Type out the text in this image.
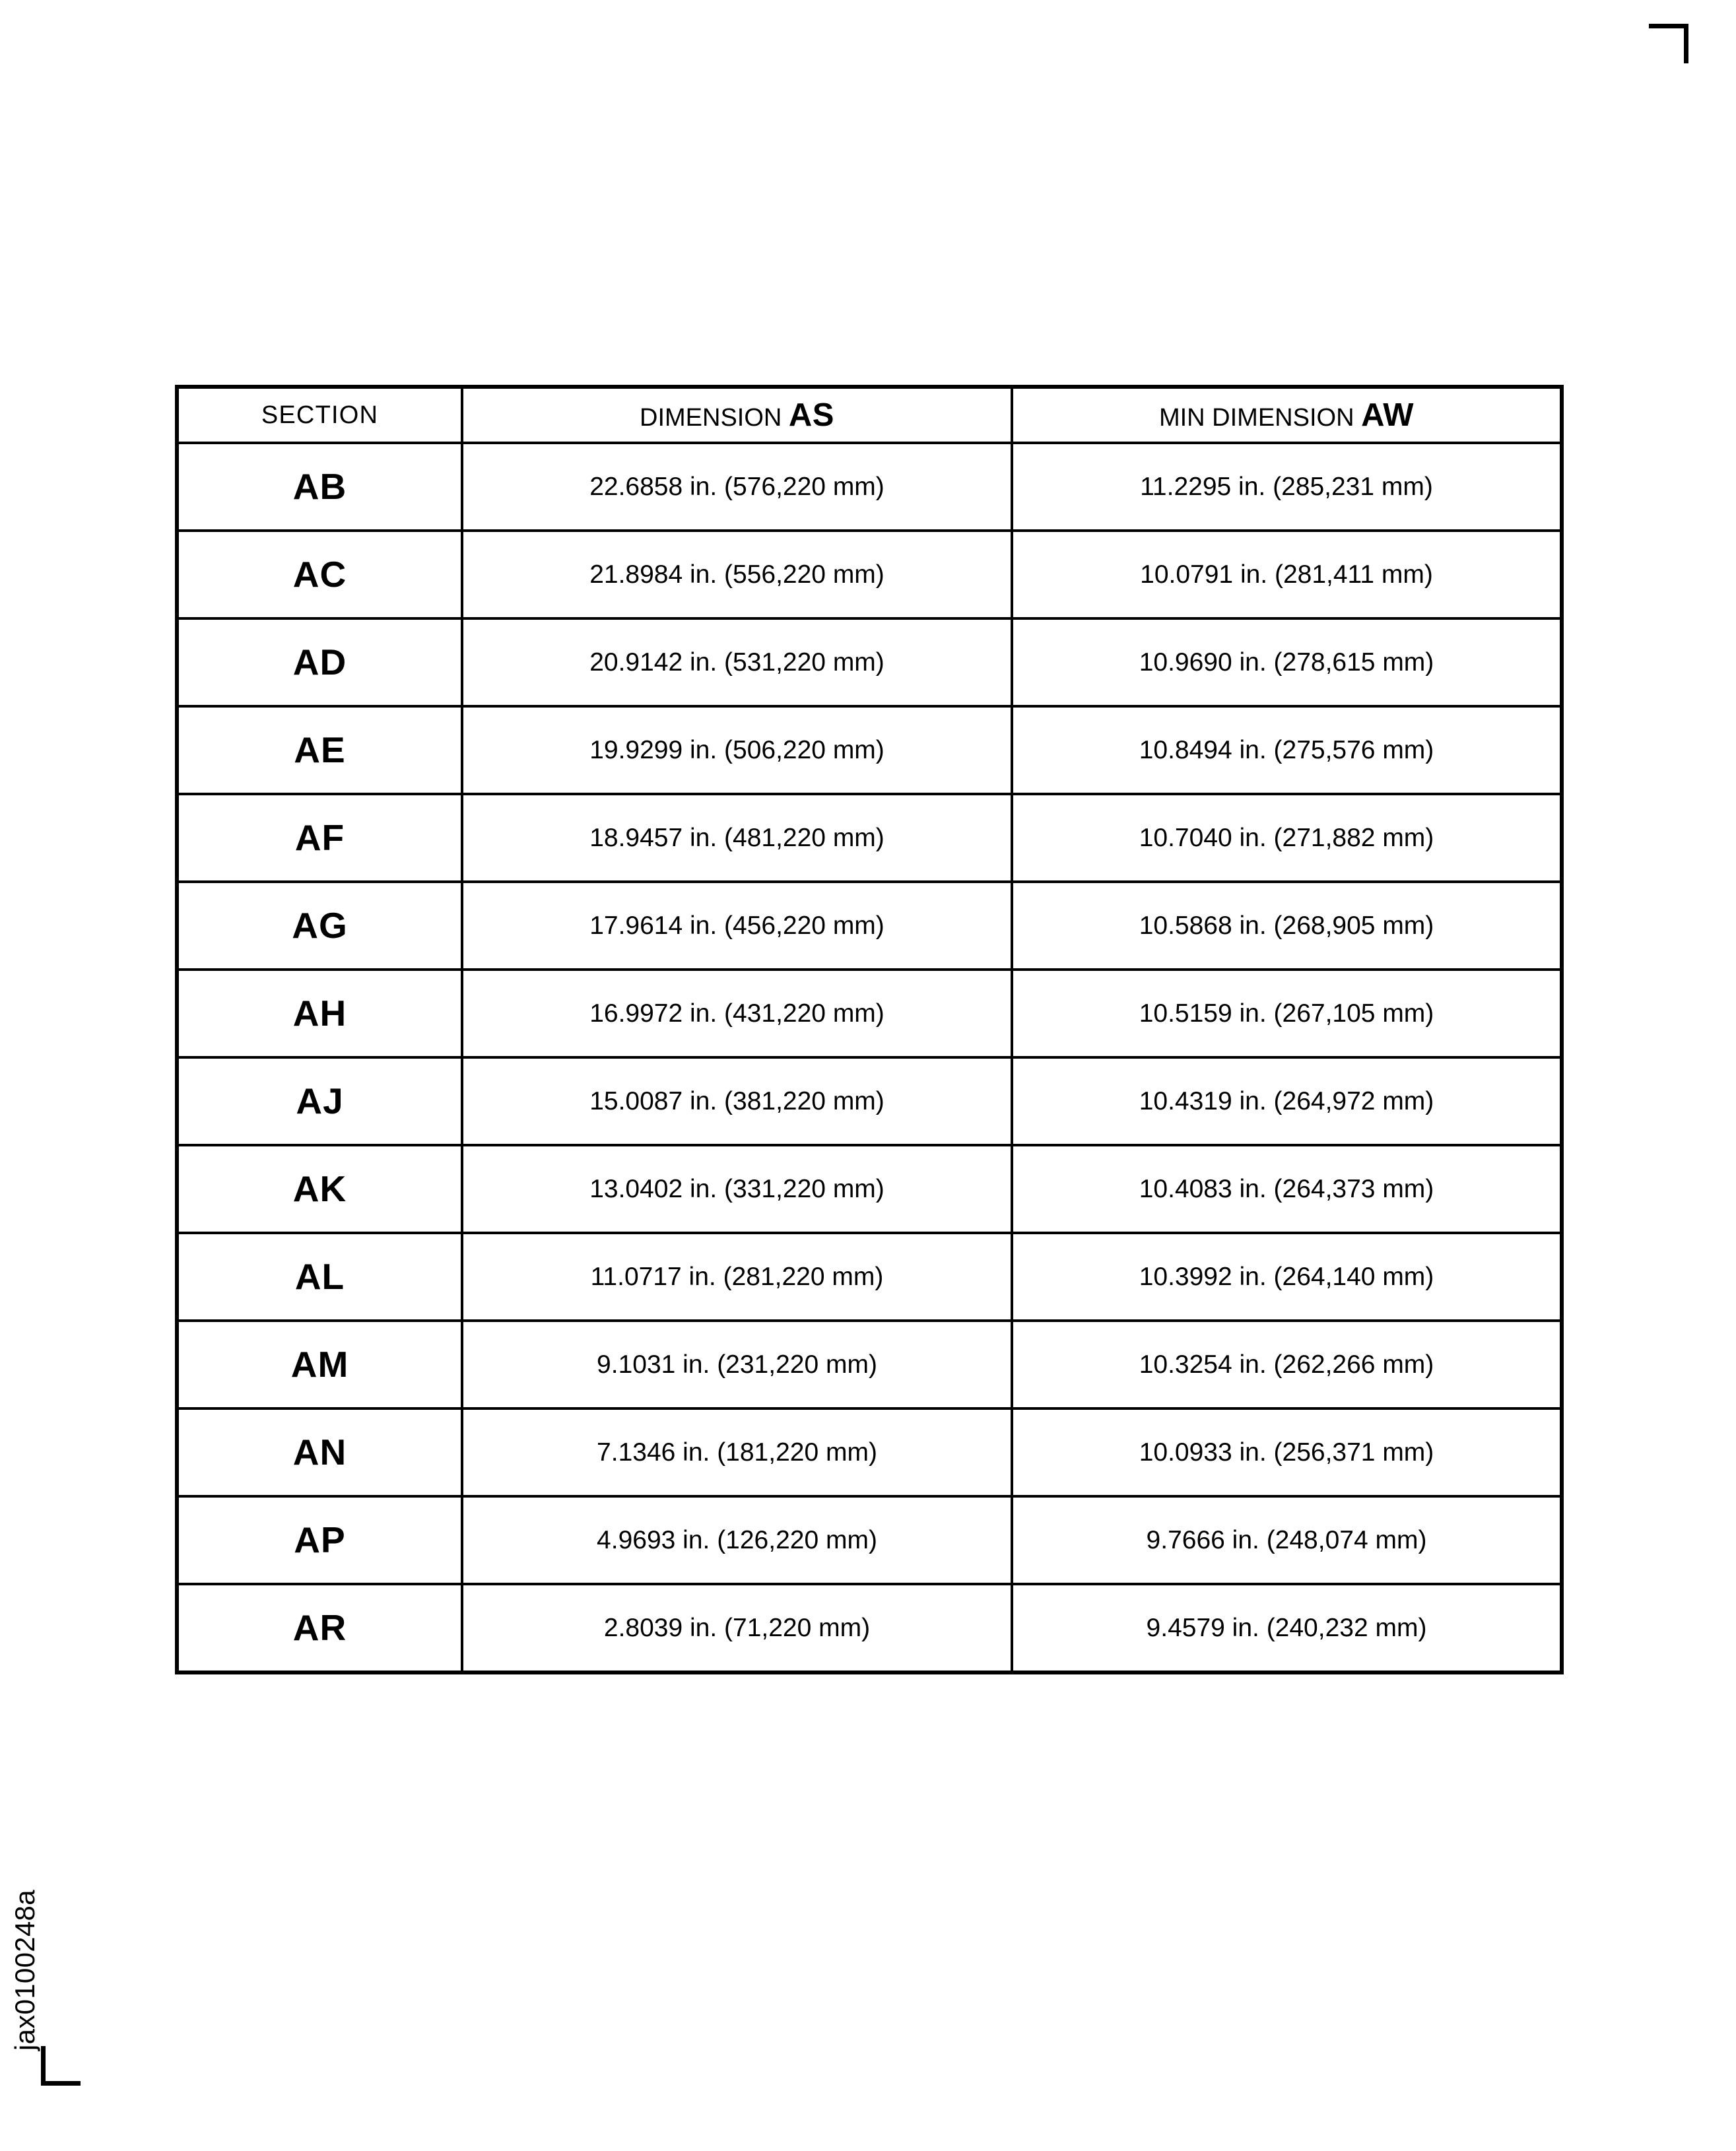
jax0100248a
SECTION	DIMENSION AS	MIN DIMENSION AW
AB	22.6858 in. (576,220 mm)	11.2295 in. (285,231 mm)
AC	21.8984 in. (556,220 mm)	10.0791 in. (281,411 mm)
AD	20.9142 in. (531,220 mm)	10.9690 in. (278,615 mm)
AE	19.9299 in. (506,220 mm)	10.8494 in. (275,576 mm)
AF	18.9457 in. (481,220 mm)	10.7040 in. (271,882 mm)
AG	17.9614 in. (456,220 mm)	10.5868 in. (268,905 mm)
AH	16.9972 in. (431,220 mm)	10.5159 in. (267,105 mm)
AJ	15.0087 in. (381,220 mm)	10.4319 in. (264,972 mm)
AK	13.0402 in. (331,220 mm)	10.4083 in. (264,373 mm)
AL	11.0717 in. (281,220 mm)	10.3992 in. (264,140 mm)
AM	9.1031 in. (231,220 mm)	10.3254 in. (262,266 mm)
AN	7.1346 in. (181,220 mm)	10.0933 in. (256,371 mm)
AP	4.9693 in. (126,220 mm)	9.7666 in. (248,074 mm)
AR	2.8039 in. (71,220 mm)	9.4579 in. (240,232 mm)
